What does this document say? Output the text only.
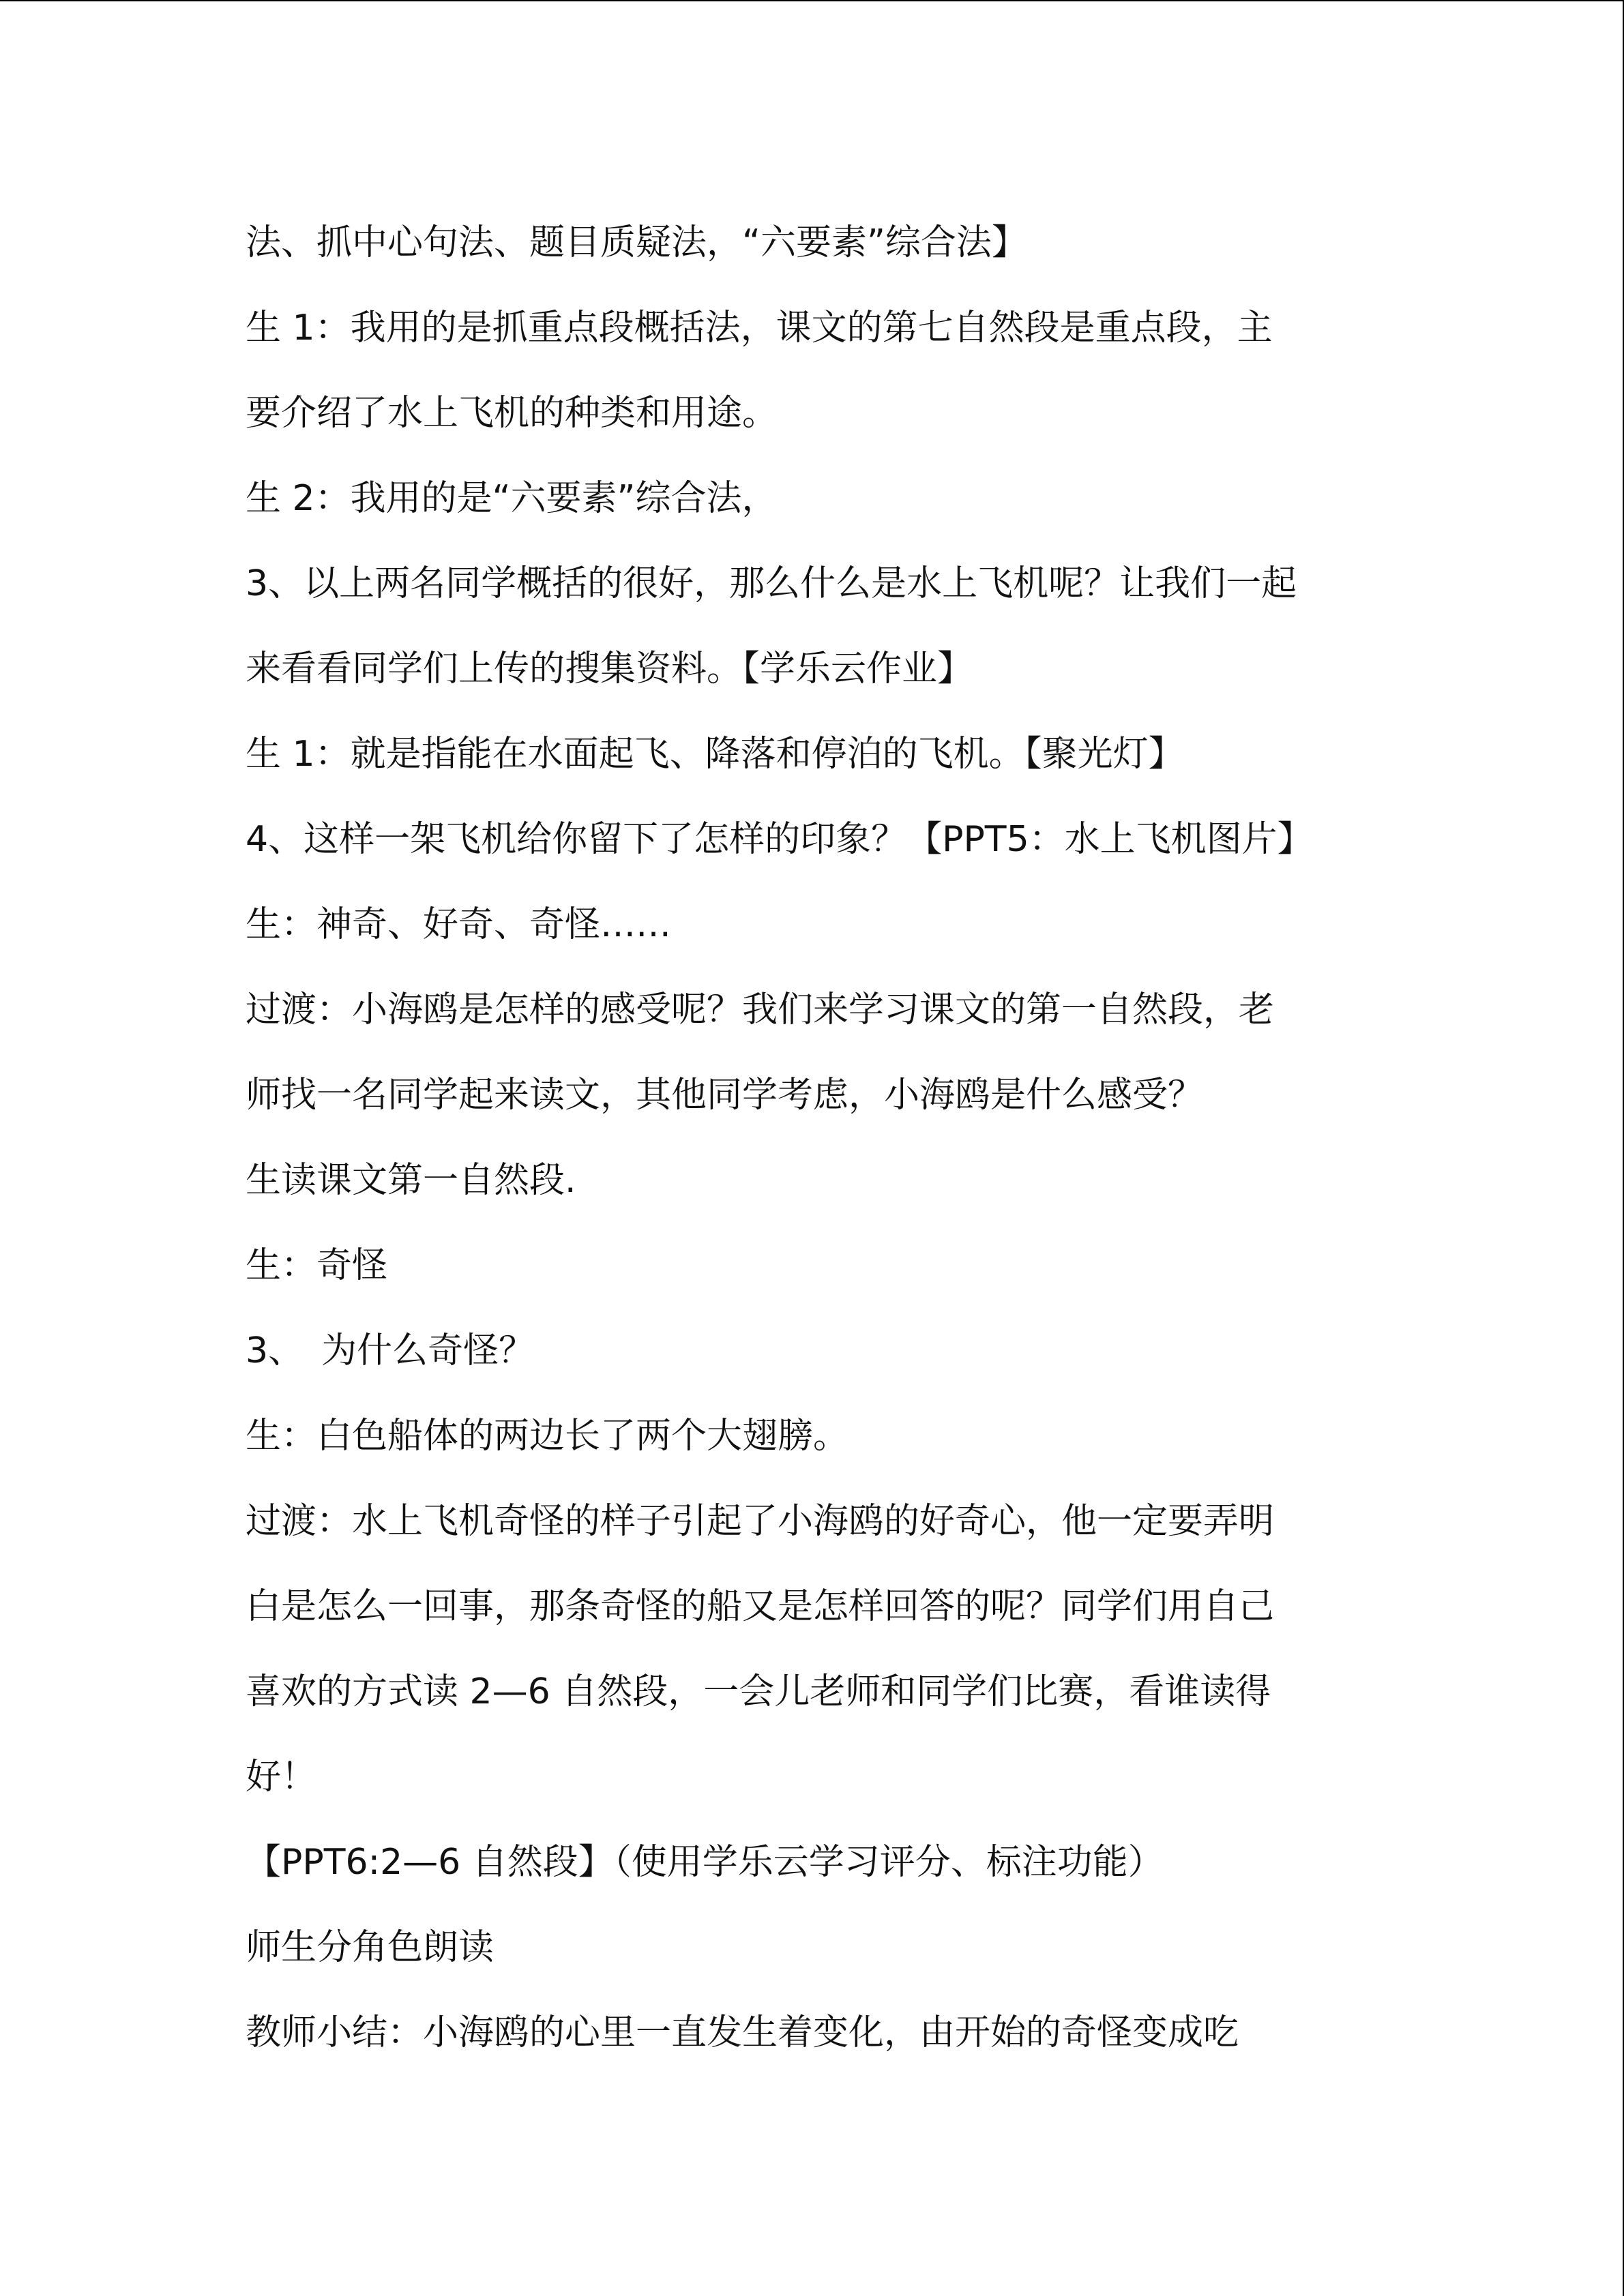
法、抓中心句法、题目质疑法，“六要素”综合法】
生 1：我用的是抓重点段概括法，课文的第七自然段是重点段，主
要介绍了水上飞机的种类和用途。
生 2：我用的是“六要素”综合法，
3、以上两名同学概括的很好，那么什么是水上飞机呢？让我们一起
来看看同学们上传的搜集资料。【学乐云作业】
生 1：就是指能在水面起飞、降落和停泊的飞机。【聚光灯】
4、这样一架飞机给你留下了怎样的印象？【PPT5：水上飞机图片】
生：神奇、好奇、奇怪……
过渡：小海鸥是怎样的感受呢？我们来学习课文的第一自然段，老
师找一名同学起来读文，其他同学考虑，小海鸥是什么感受？
生读课文第一自然段.
生：奇怪
3、　为什么奇怪？
生：白色船体的两边长了两个大翅膀。
过渡：水上飞机奇怪的样子引起了小海鸥的好奇心，他一定要弄明
白是怎么一回事，那条奇怪的船又是怎样回答的呢？同学们用自己
喜欢的方式读 2—6 自然段，一会儿老师和同学们比赛，看谁读得
好！
【PPT6:2—6 自然段】（使用学乐云学习评分、标注功能）
师生分角色朗读
教师小结：小海鸥的心里一直发生着变化，由开始的奇怪变成吃
